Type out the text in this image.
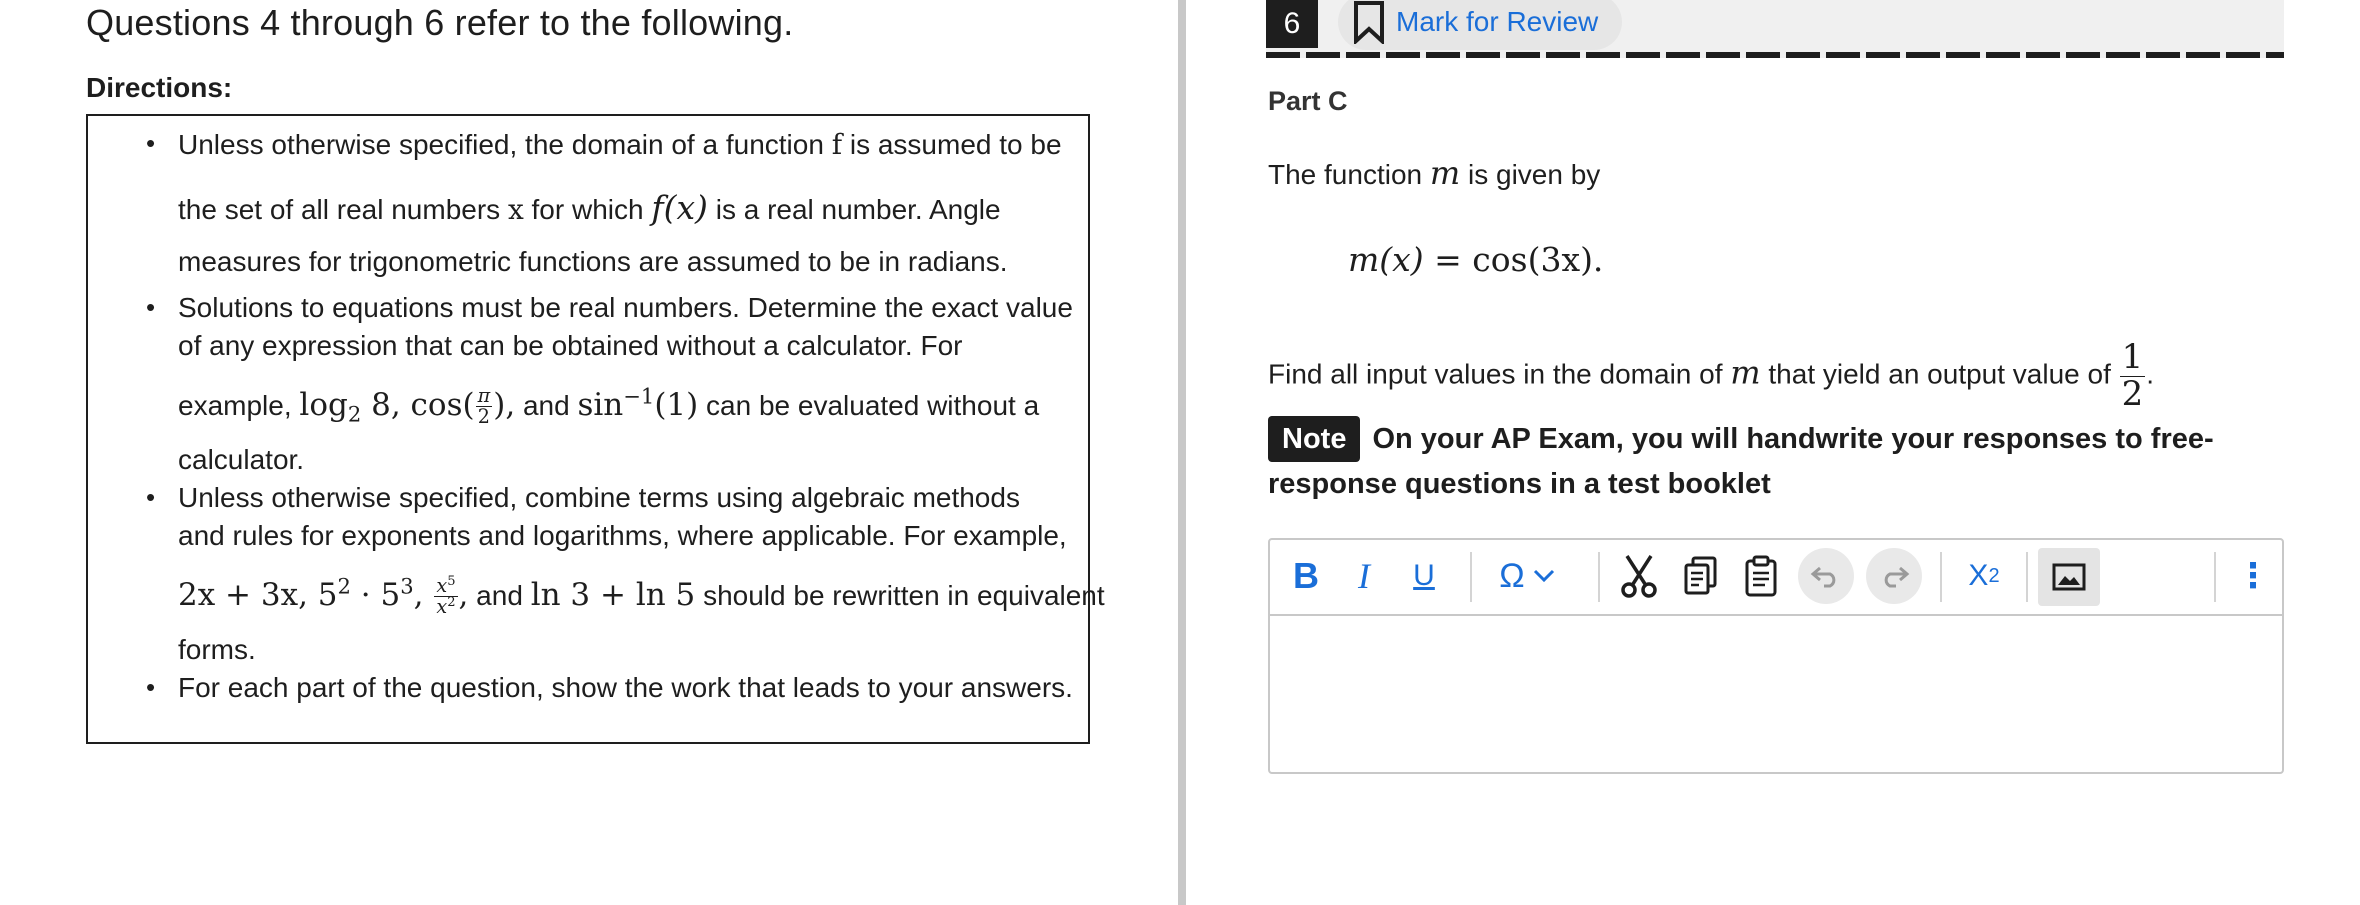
Questions 4 through 6 refer to the following.
Directions:
Unless otherwise specified, the domain of a function f is assumed to be
the set of all real numbers x for which f(x) is a real number. Angle
measures for trigonometric functions are assumed to be in radians.
Solutions to equations must be real numbers. Determine the exact value
of any expression that can be obtained without a calculator. For
example, $\log_2 8$, $\cos( \frac{\pi}{2}$ ), and $\sin^{-1}(1)$ can be evaluated without a
calculator.
Unless otherwise specified, combine terms using algebraic methods
and rules for exponents and logarithms, where applicable. For example,
2x + 3x, $5^2 \cdot 5^3$, $\frac{x^5}{x^2}$ , and ln 3 + ln 5 should be rewritten in equivalent
forms.
For each part of the question, show the work that leads to your answers.
6	Mark for Review
Part C
The function m is given by
m(x) = cos(3x).
Find all input values in the domain of m that yield an output value of $\frac{1}{2}$ .
Note On your AP Exam, you will handwrite your responses to free-response questions in a test booklet
B	I	U	Ω	X 2	⋮
